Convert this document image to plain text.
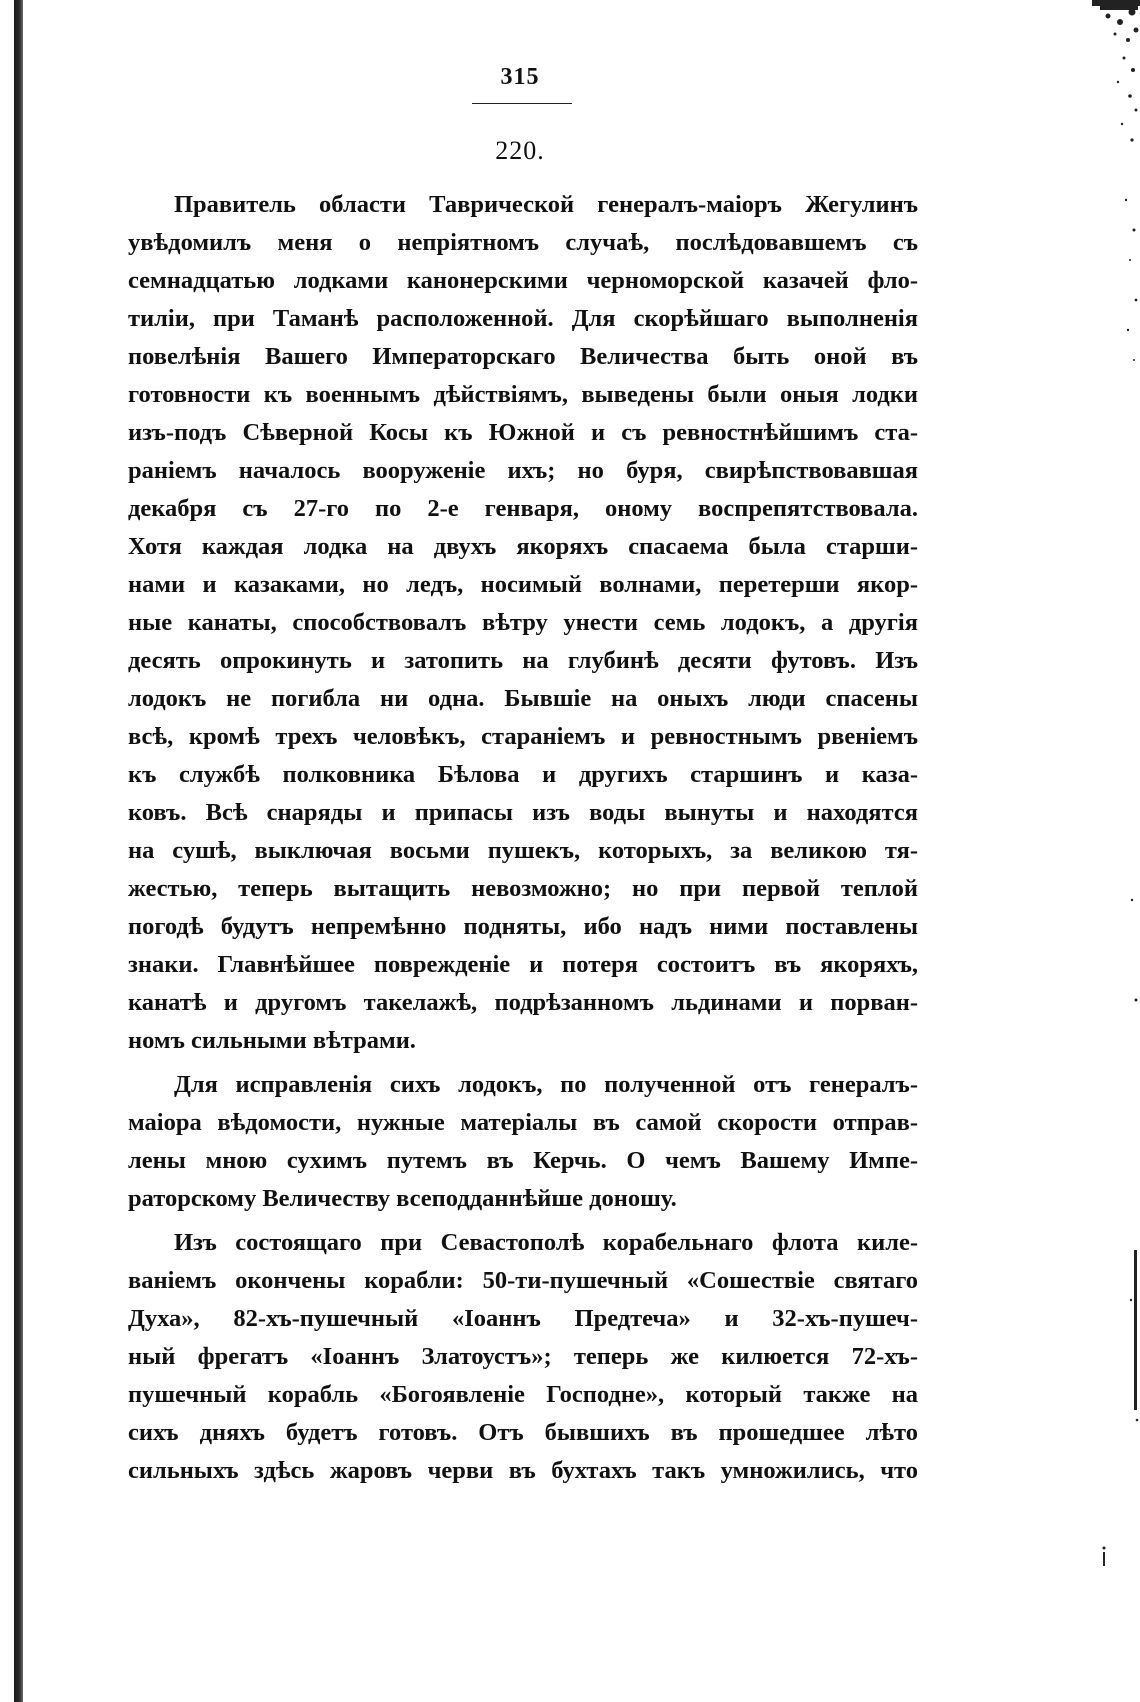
315
220.
Правитель области Таврической генералъ-маіоръ Жегулинъ
увѣдомилъ меня о непріятномъ случаѣ, послѣдовавшемъ съ
семнадцатью лодками канонерскими черноморской казачей фло-
тиліи, при Таманѣ расположенной. Для скорѣйшаго выполненія
повелѣнія Вашего Императорскаго Величества быть оной въ
готовности къ военнымъ дѣйствіямъ, выведены были оныя лодки
изъ-подъ Сѣверной Косы къ Южной и съ ревностнѣйшимъ ста-
раніемъ началось вооруженіе ихъ; но буря, свирѣпствовавшая
декабря съ 27-го по 2-е генваря, оному воспрепятствовала.
Хотя каждая лодка на двухъ якоряхъ спасаема была старши-
нами и казаками, но ледъ, носимый волнами, перетерши якор-
ные канаты, способствовалъ вѣтру унести семь лодокъ, а другія
десять опрокинуть и затопить на глубинѣ десяти футовъ. Изъ
лодокъ не погибла ни одна. Бывшіе на оныхъ люди спасены
всѣ, кромѣ трехъ человѣкъ, стараніемъ и ревностнымъ рвеніемъ
къ службѣ полковника Бѣлова и другихъ старшинъ и каза-
ковъ. Всѣ снаряды и припасы изъ воды вынуты и находятся
на сушѣ, выключая восьми пушекъ, которыхъ, за великою тя-
жестью, теперь вытащить невозможно; но при первой теплой
погодѣ будутъ непремѣнно подняты, ибо надъ ними поставлены
знаки. Главнѣйшее поврежденіе и потеря состоитъ въ якоряхъ,
канатѣ и другомъ такелажѣ, подрѣзанномъ льдинами и порван-
номъ сильными вѣтрами.
Для исправленія сихъ лодокъ, по полученной отъ генералъ-
маіора вѣдомости, нужные матеріалы въ самой скорости отправ-
лены мною сухимъ путемъ въ Керчь. О чемъ Вашему Импе-
раторскому Величеству всеподданнѣйше доношу.
Изъ состоящаго при Севастополѣ корабельнаго флота киле-
ваніемъ окончены корабли: 50-ти-пушечный «Сошествіе святаго
Духа», 82-хъ-пушечный «Іоаннъ Предтеча» и 32-хъ-пушеч-
ный фрегатъ «Іоаннъ Златоустъ»; теперь же килюется 72-хъ-
пушечный корабль «Богоявленіе Господне», который также на
сихъ дняхъ будетъ готовъ. Отъ бывшихъ въ прошедшее лѣто
сильныхъ здѣсь жаровъ черви въ бухтахъ такъ умножились, что
